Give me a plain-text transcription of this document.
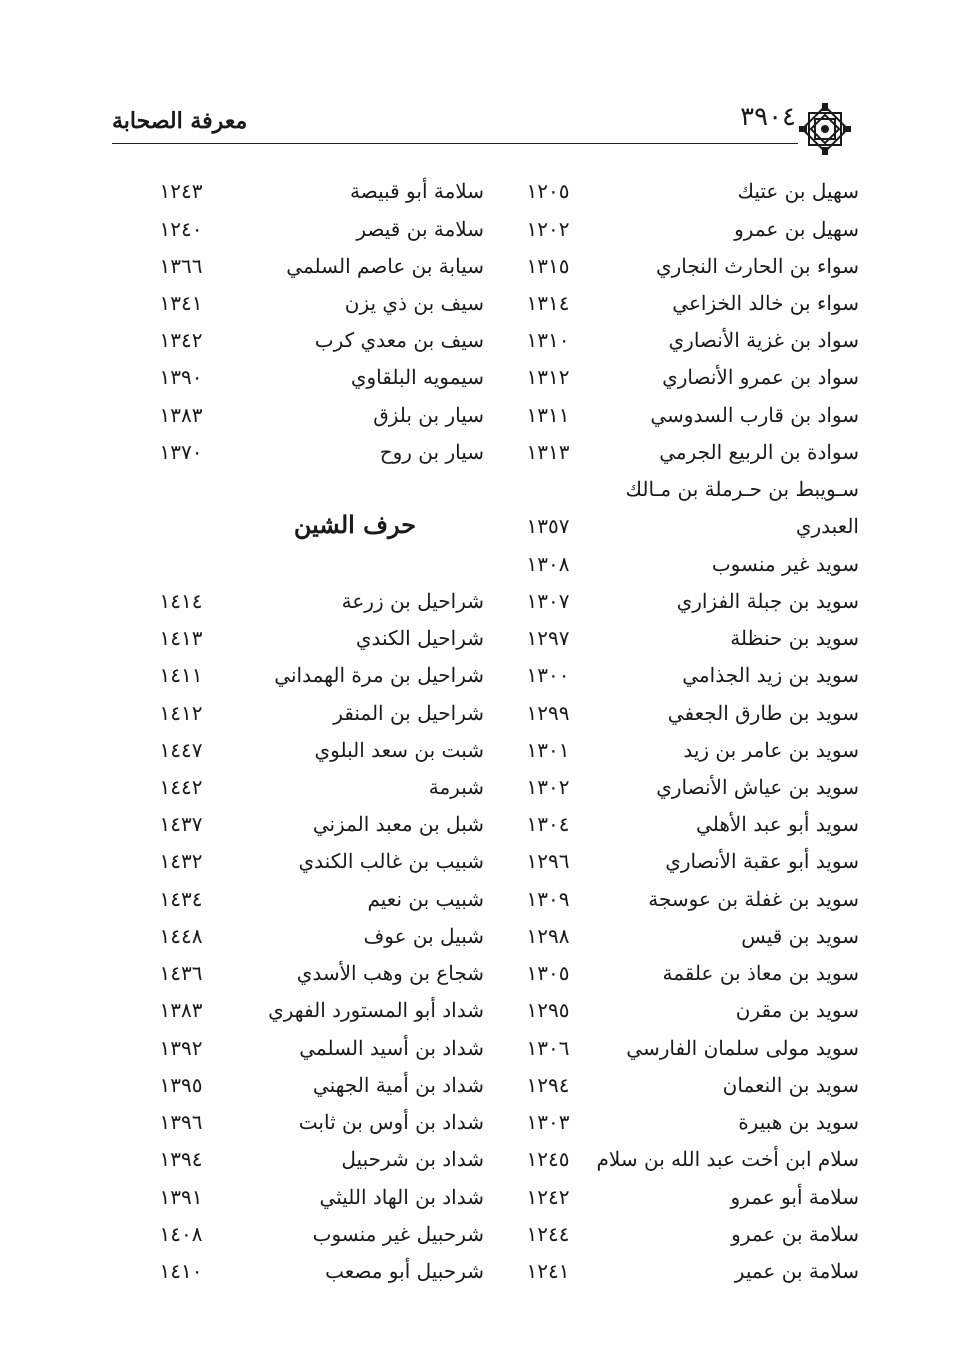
معرفة الصحابة	٣٩٠٤
سهيل بن عتيك
١٢٠٥
سهيل بن عمرو
١٢٠٢
سواء بن الحارث النجاري
١٣١٥
سواء بن خالد الخزاعي
١٣١٤
سواد بن غزية الأنصاري
١٣١٠
سواد بن عمرو الأنصاري
١٣١٢
سواد بن قارب السدوسي
١٣١١
سوادة بن الربيع الجرمي
١٣١٣
سـويبط بن حـرملة بن مـالك
العبدري
١٣٥٧
سويد غير منسوب
١٣٠٨
سويد بن جبلة الفزاري
١٣٠٧
سويد بن حنظلة
١٢٩٧
سويد بن زيد الجذامي
١٣٠٠
سويد بن طارق الجعفي
١٢٩٩
سويد بن عامر بن زيد
١٣٠١
سويد بن عياش الأنصاري
١٣٠٢
سويد أبو عبد الأهلي
١٣٠٤
سويد أبو عقبة الأنصاري
١٢٩٦
سويد بن غفلة بن عوسجة
١٣٠٩
سويد بن قيس
١٢٩٨
سويد بن معاذ بن علقمة
١٣٠٥
سويد بن مقرن
١٢٩٥
سويد مولى سلمان الفارسي
١٣٠٦
سويد بن النعمان
١٢٩٤
سويد بن هبيرة
١٣٠٣
سلام ابن أخت عبد الله بن سلام
١٢٤٥
سلامة أبو عمرو
١٢٤٢
سلامة بن عمرو
١٢٤٤
سلامة بن عمير
١٢٤١
سلامة أبو قبيصة
١٢٤٣
سلامة بن قيصر
١٢٤٠
سيابة بن عاصم السلمي
١٣٦٦
سيف بن ذي يزن
١٣٤١
سيف بن معدي كرب
١٣٤٢
سيمويه البلقاوي
١٣٩٠
سيار بن بلزق
١٣٨٣
سيار بن روح
١٣٧٠
حرف الشين
شراحيل بن زرعة
١٤١٤
شراحيل الكندي
١٤١٣
شراحيل بن مرة الهمداني
١٤١١
شراحيل بن المنقر
١٤١٢
شبت بن سعد البلوي
١٤٤٧
شبرمة
١٤٤٢
شبل بن معبد المزني
١٤٣٧
شبيب بن غالب الكندي
١٤٣٢
شبيب بن نعيم
١٤٣٤
شبيل بن عوف
١٤٤٨
شجاع بن وهب الأسدي
١٤٣٦
شداد أبو المستورد الفهري
١٣٨٣
شداد بن أسيد السلمي
١٣٩٢
شداد بن أمية الجهني
١٣٩٥
شداد بن أوس بن ثابت
١٣٩٦
شداد بن شرحبيل
١٣٩٤
شداد بن الهاد الليثي
١٣٩١
شرحبيل غير منسوب
١٤٠٨
شرحبيل أبو مصعب
١٤١٠
